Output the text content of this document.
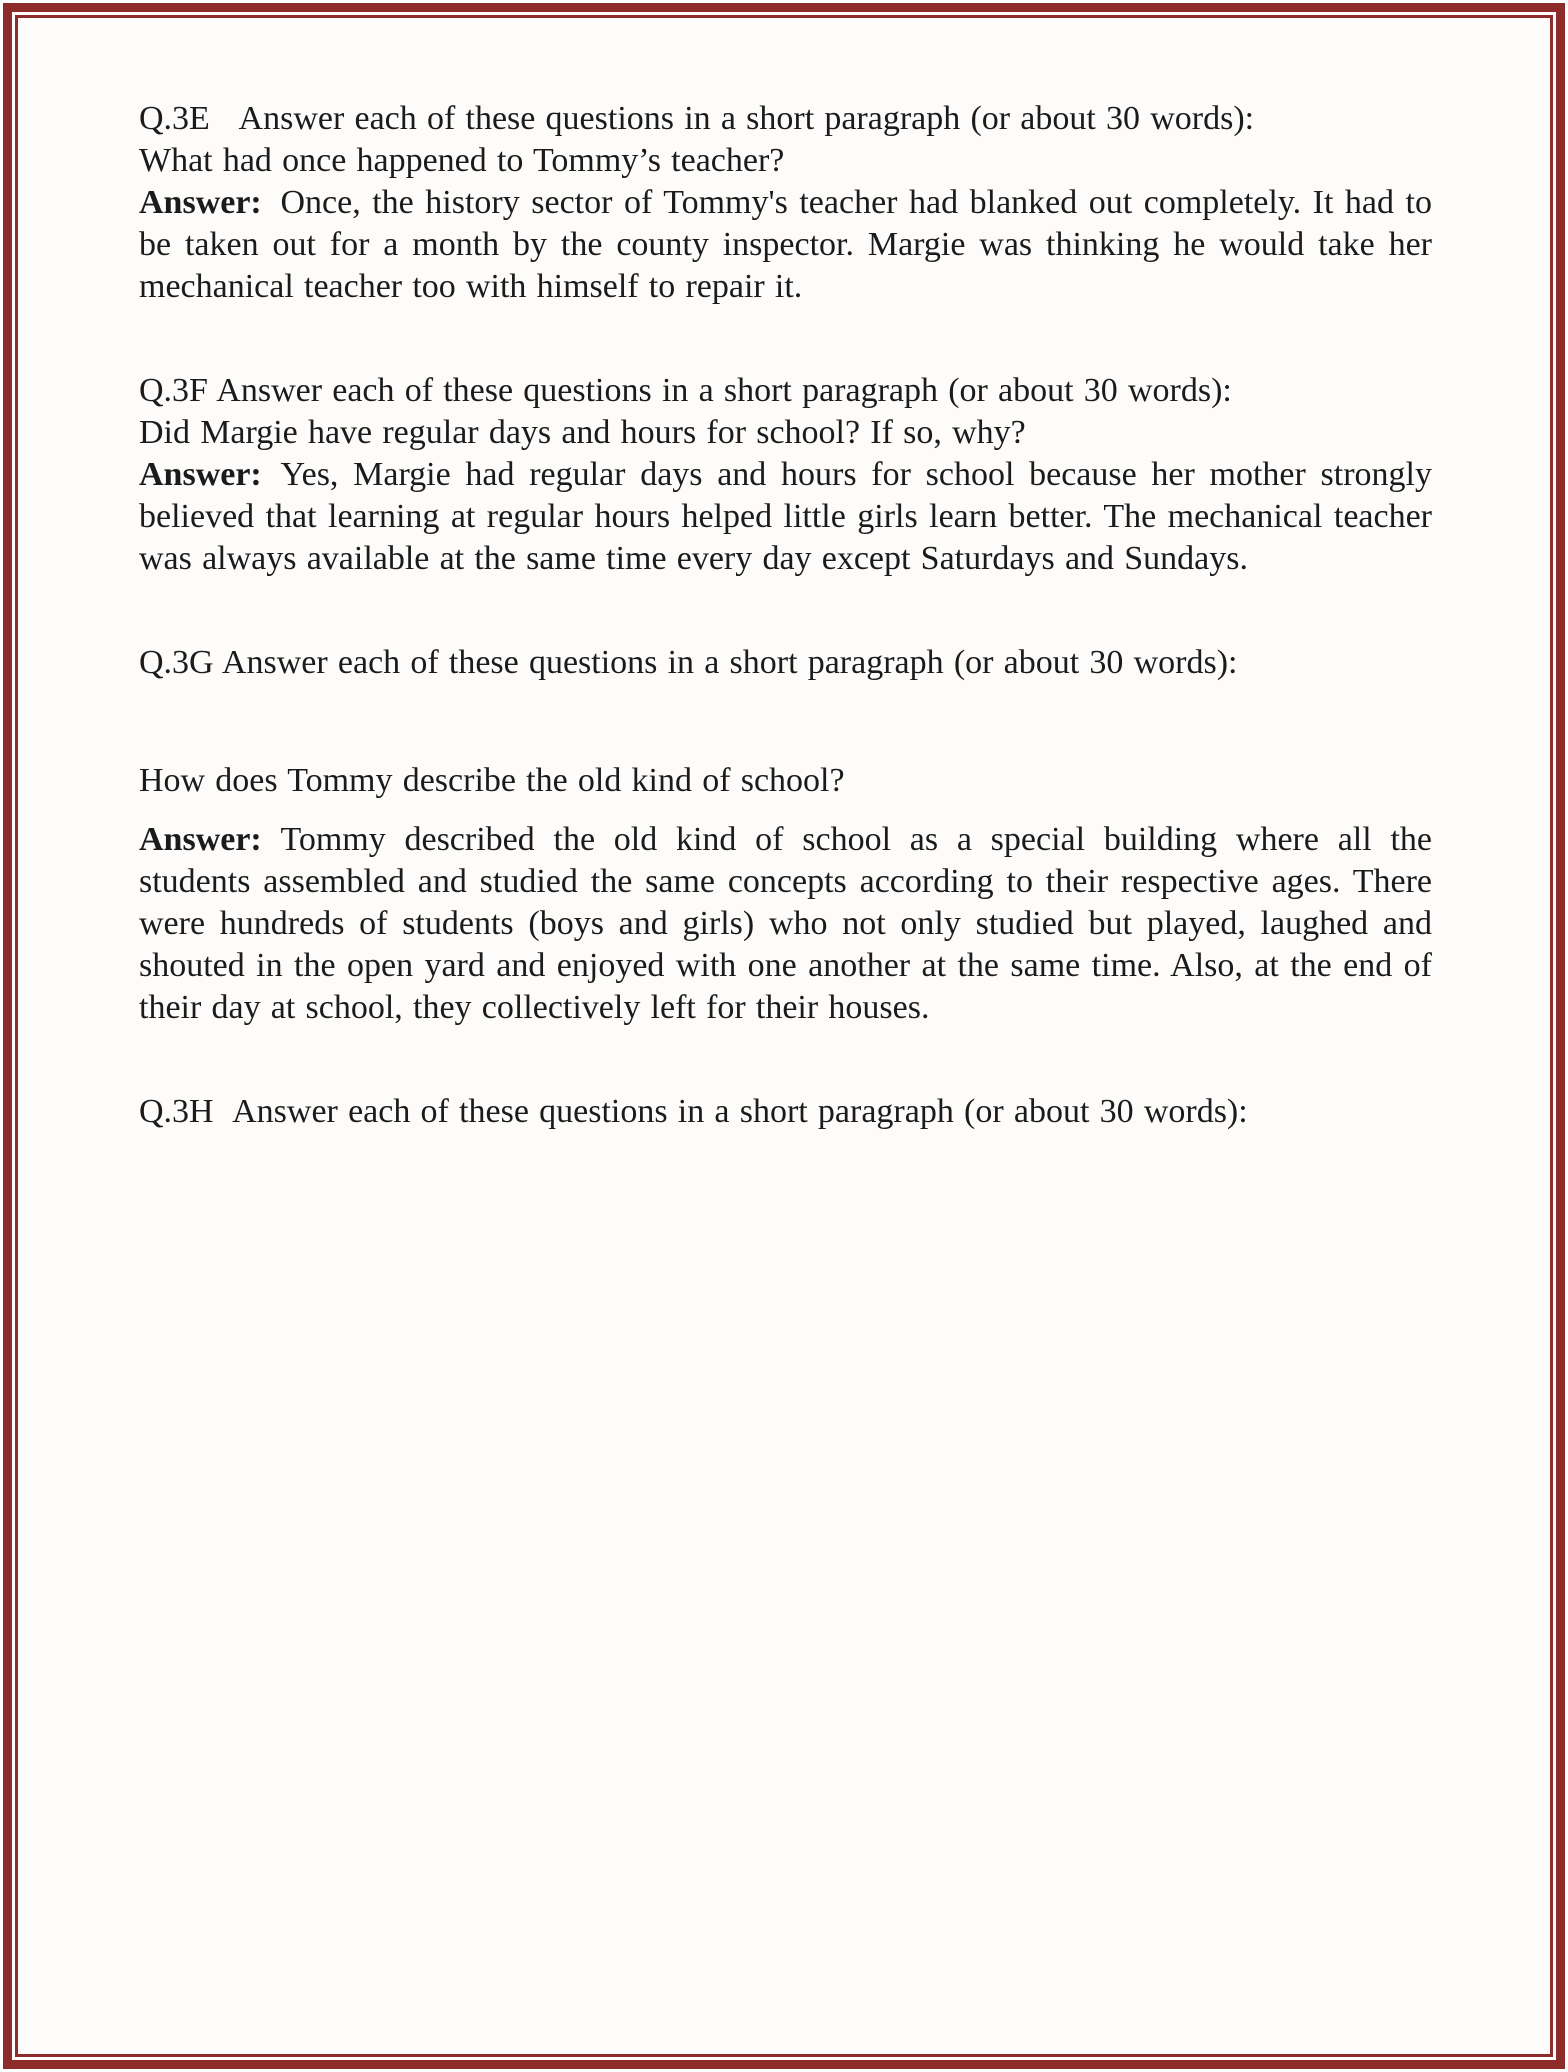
Q.3E   Answer each of these questions in a short paragraph (or about 30 words):

What had once happened to Tommy’s teacher?

Answer: Once, the history sector of Tommy's teacher had blanked out completely. It had to be taken out for a month by the county inspector. Margie was thinking he would take her mechanical teacher too with himself to repair it.

Q.3F Answer each of these questions in a short paragraph (or about 30 words):

Did Margie have regular days and hours for school? If so, why?

Answer: Yes, Margie had regular days and hours for school because her mother strongly believed that learning at regular hours helped little girls learn better. The mechanical teacher was always available at the same time every day except Saturdays and Sundays.

Q.3G Answer each of these questions in a short paragraph (or about 30 words):

How does Tommy describe the old kind of school?

Answer: Tommy described the old kind of school as a special building where all the students assembled and studied the same concepts according to their respective ages. There were hundreds of students (boys and girls) who not only studied but played, laughed and shouted in the open yard and enjoyed with one another at the same time. Also, at the end of their day at school, they collectively left for their houses.

Q.3H  Answer each of these questions in a short paragraph (or about 30 words):
